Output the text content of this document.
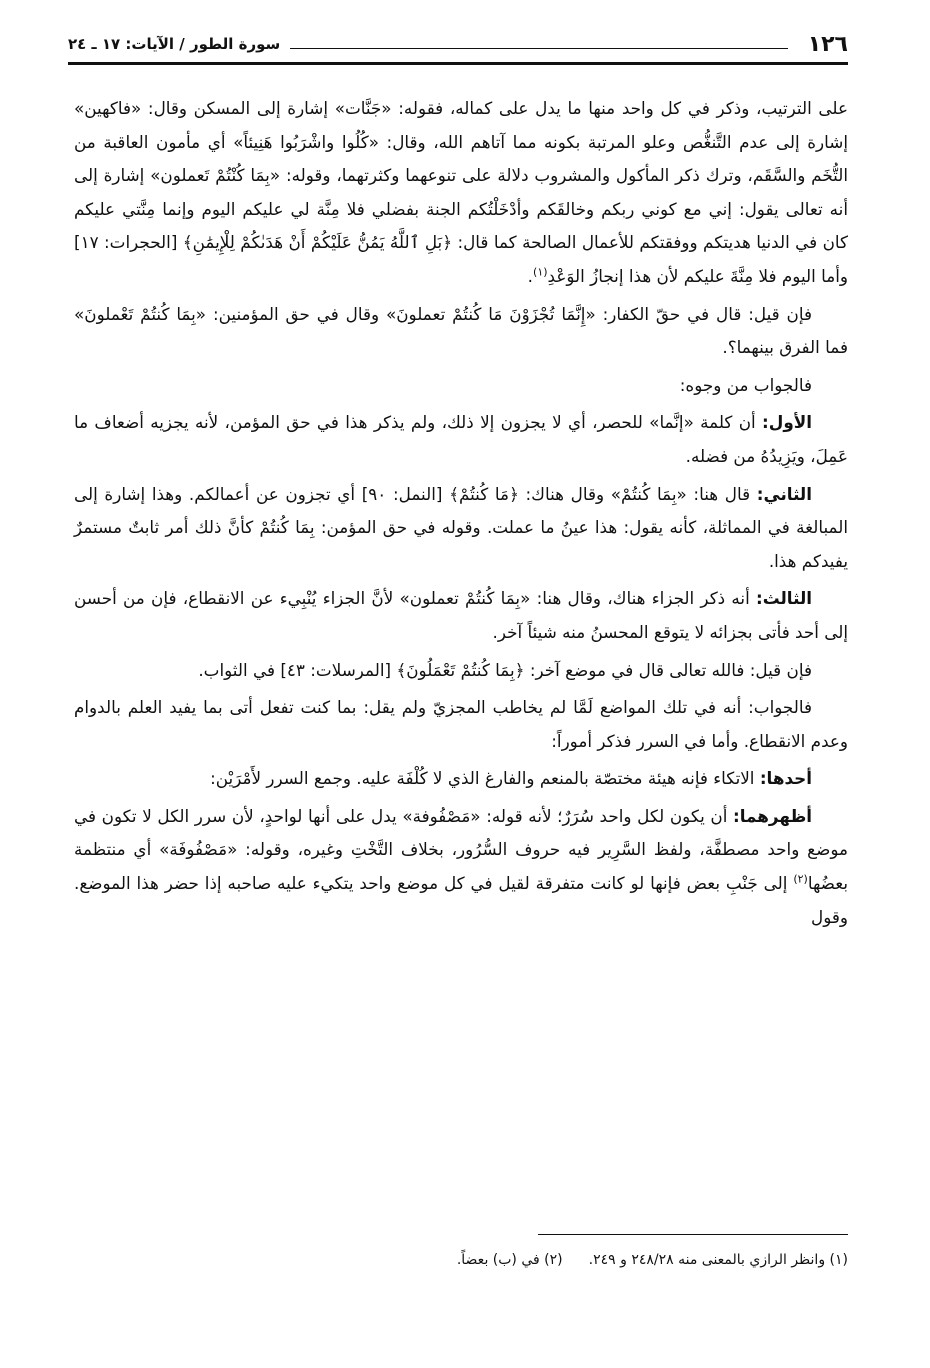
١٢٦
سورة الطور / الآيات: ١٧ ـ ٢٤

على الترتيب، وذكر في كل واحد منها ما يدل على كماله، فقوله: «جَنَّات» إشارة إلى المسكن وقال: «فاكهين» إشارة إلى عدم التَّنغُّص وعلو المرتبة بكونه مما آتاهم الله، وقال: «كُلُوا واشْرَبُوا هَنِيئاً» أي مأمون العاقبة من التُّخَم والسَّقَم، وترك ذكر المأكول والمشروب دلالة على تنوعهما وكثرتهما، وقوله: «بِمَا كُنْتُمْ تَعملون» إشارة إلى أنه تعالى يقول: إني مع كوني ربكم وخالقَكم وأدْخَلْتُكم الجنة بفضلي فلا مِنَّة لي عليكم اليوم وإنما مِنَّتي عليكم كان في الدنيا هديتكم ووفقتكم للأعمال الصالحة كما قال: ﴿بَلِ ٱللَّهُ يَمُنُّ عَلَيْكُمْ أَنْ هَدَىٰكُمْ لِلْإِيمَٰنِ﴾ [الحجرات: ١٧] وأما اليوم فلا مِنَّةَ عليكم لأن هذا إنجازُ الوَعْدِ$^{(١)}$.

فإن قيل: قال في حقّ الكفار: «إِنَّمَا تُجْزَوْنَ مَا كُنتُمْ تعملونَ» وقال في حق المؤمنين: «بِمَا كُنتُمْ تَعْملونَ» فما الفرق بينهما؟.

فالجواب من وجوه:

الأول: أن كلمة «إنَّما» للحصر، أي لا يجزون إلا ذلك، ولم يذكر هذا في حق المؤمن، لأنه يجزيه أضعاف ما عَمِلَ، ويَزِيدُهُ من فضله.

الثاني: قال هنا: «بِمَا كُنتُمْ» وقال هناك: ﴿مَا كُنتُمْ﴾ [النمل: ٩٠] أي تجزون عن أعمالكم. وهذا إشارة إلى المبالغة في المماثلة، كأنه يقول: هذا عينُ ما عملت. وقوله في حق المؤمن: بِمَا كُنتُمْ كأنَّ ذلك أمر ثابتٌ مستمرٌ يفيدكم هذا.

الثالث: أنه ذكر الجزاء هناك، وقال هنا: «بِمَا كُنتُمْ تعملون» لأنَّ الجزاء يُنْبِيء عن الانقطاع، فإن من أحسن إلى أحد فأتى بجزائه لا يتوقع المحسنُ منه شيئاً آخر.

فإن قيل: فالله تعالى قال في موضع آخر: ﴿بِمَا كُنتُمْ تَعْمَلُونَ﴾ [المرسلات: ٤٣] في الثواب.

فالجواب: أنه في تلك المواضع لَمَّا لم يخاطب المجزيّ ولم يقل: بما كنت تفعل أتى بما يفيد العلم بالدوام وعدم الانقطاع. وأما في السرر فذكر أموراً:

أحدها: الاتكاء فإنه هيئة مختصّة بالمنعم والفارغ الذي لا كُلْفَة عليه. وجمع السرر لأَمْرَيْن:

أظهرهما: أن يكون لكل واحد سُرَرٌ؛ لأنه قوله: «مَصْفُوفة» يدل على أنها لواحدٍ، لأن سرر الكل لا تكون في موضع واحد مصطفَّة، ولفظ السَّرِير فيه حروف السُّرُور، بخلاف التَّخْتِ وغيره، وقوله: «مَصْفُوفَة» أي منتظمة بعضُها$^{(٢)}$ إلى جَنْبِ بعض فإنها لو كانت متفرقة لقيل في كل موضع واحد يتكيء عليه صاحبه إذا حضر هذا الموضع. وقول

(١) وانظر الرازي بالمعنى منه ٢٤٨/٢٨ و ٢٤٩.
(٢) في (ب) بعضاً.
